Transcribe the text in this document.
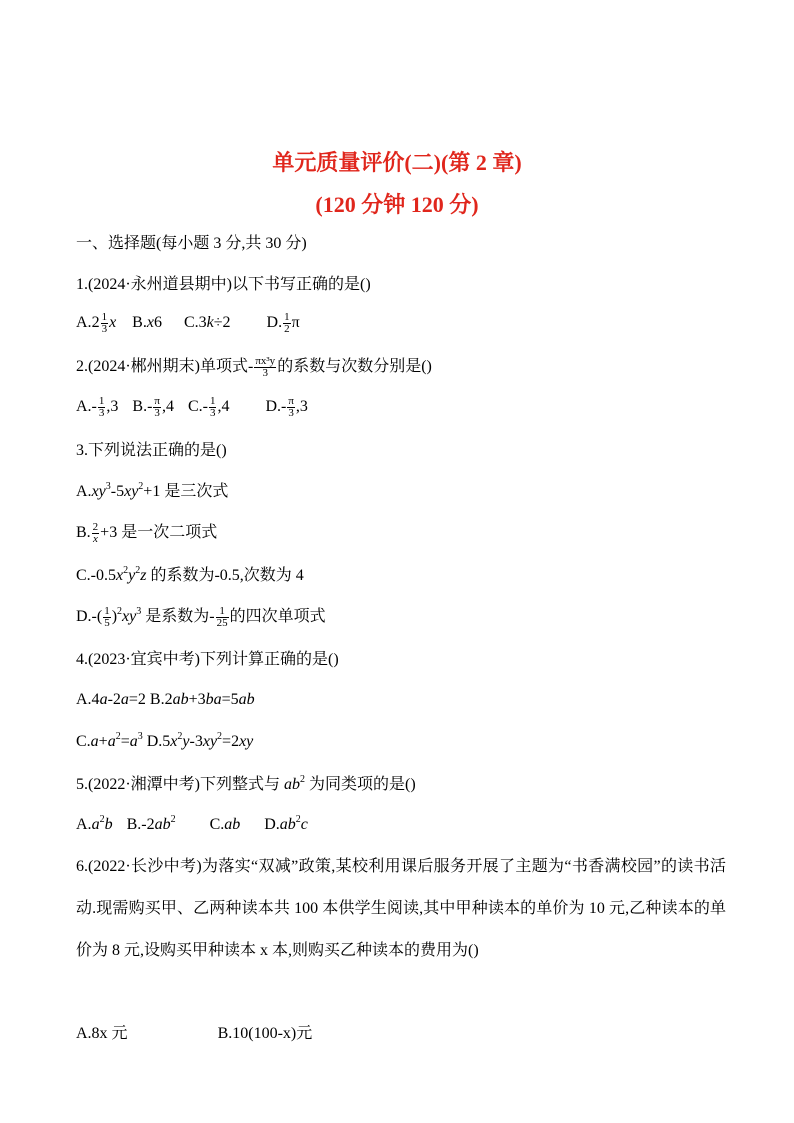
单元质量评价(二)(第 2 章)
(120 分钟 120 分)
一、选择题(每小题 3 分,共 30 分)
1.(2024·永州道县期中)以下书写正确的是()
$A.2 \frac{1}{3}$ x B.x6 C.3k÷2 D. $\frac{1}{2}$ π
2.(2024·郴州期末)单项式- $\frac{\text{πx³y}}{3}$ 的系数与次数分别是()
$A.- \frac{1}{3} ,3$ $B.- \frac{\pi}{3} ,4$ $C.- \frac{1}{3} ,4$ $D.- \frac{\pi}{3} ,3$
3.下列说法正确的是()
$A.xy^3-5xy^2+1$ 是三次式
B. $\frac{2}{x} +3$ 是一次二项式
$C.-0.5x^2y^2z$ 的系数为-0.5,次数为 4
$D.-( \frac{1}{5} )^2xy^3$ 是系数为- $\frac{1}{25}$ 的四次单项式
4.(2023·宜宾中考)下列计算正确的是()
A.4a-2a=2 B.2ab+3ba=5ab
$C.a+a^2=a^3$ $D.5x^2y-3xy^2=2xy$
5.(2022·湘潭中考)下列整式与 $ab^2$ 为同类项的是()
$A.a^2b$ $B.-2ab^2$ C.ab $D.ab^2c$
6.(2022·长沙中考)为落实“双减”政策,某校利用课后服务开展了主题为“书香满校园”的读书活动.现需购买甲、乙两种读本共 100 本供学生阅读,其中甲种读本的单价为 10 元,乙种读本的单价为 8 元,设购买甲种读本 x 本,则购买乙种读本的费用为()
A.8x 元	B.10(100-x)元
